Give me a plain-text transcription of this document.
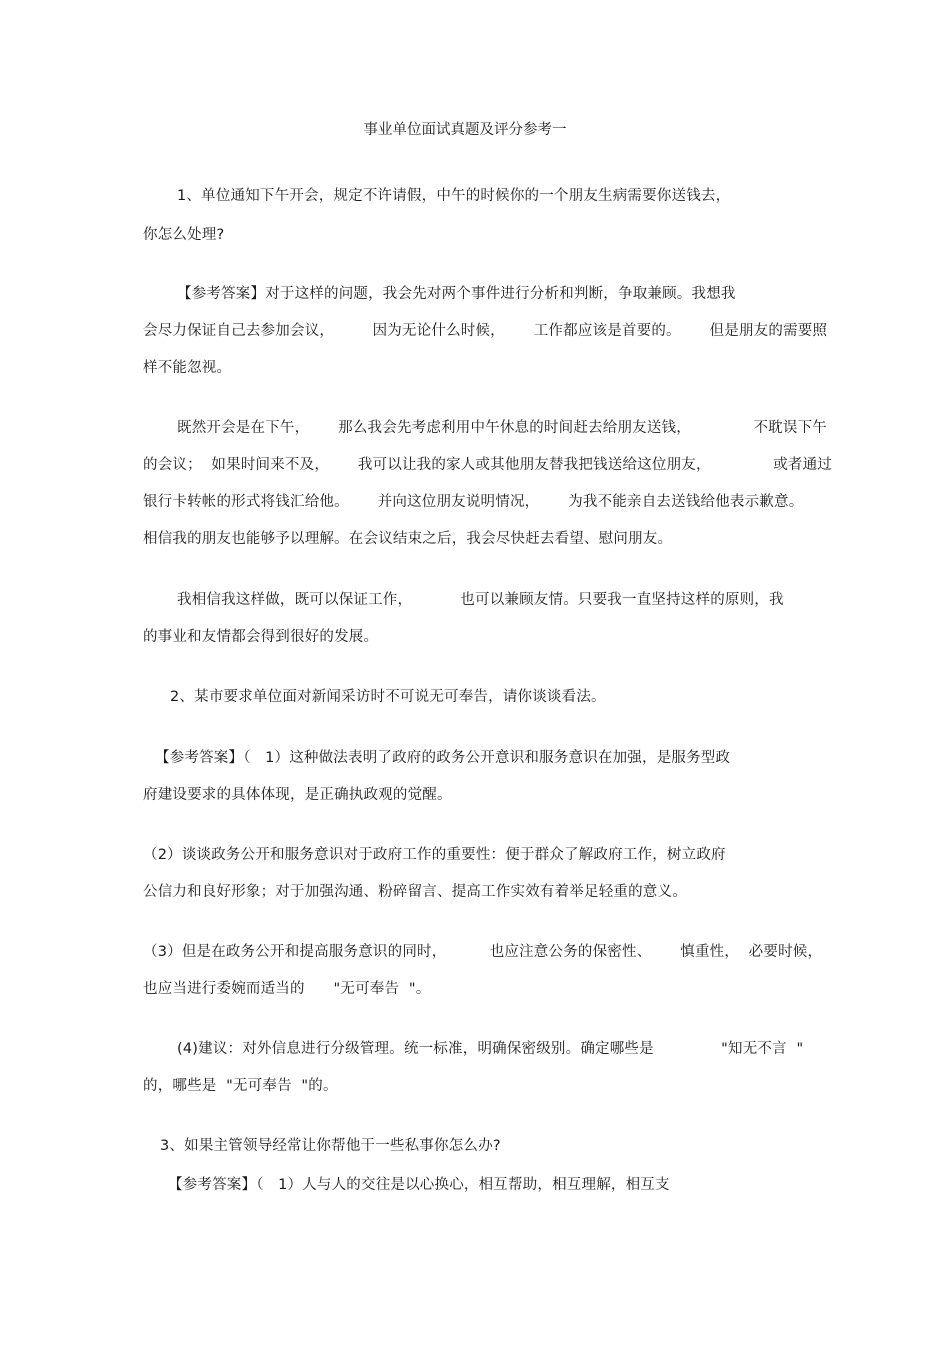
事业单位面试真题及评分参考一
1、单位通知下午开会，规定不许请假，中午的时候你的一个朋友生病需要你送钱去，
你怎么处理?
【参考答案】对于这样的问题，我会先对两个事件进行分析和判断，争取兼顾。我想我
会尽力保证自己去参加会议，        因为无论什么时候，      工作都应该是首要的。      但是朋友的需要照
样不能忽视。
既然开会是在下午，      那么我会先考虑利用中午休息的时间赶去给朋友送钱，             不耽误下午
的会议；  如果时间来不及，      我可以让我的家人或其他朋友替我把钱送给这位朋友，             或者通过
银行卡转帐的形式将钱汇给他。      并向这位朋友说明情况，      为我不能亲自去送钱给他表示歉意。
相信我的朋友也能够予以理解。在会议结束之后，我会尽快赶去看望、慰问朋友。
我相信我这样做，既可以保证工作，          也可以兼顾友情。只要我一直坚持这样的原则，我
的事业和友情都会得到很好的发展。
2、某市要求单位面对新闻采访时不可说无可奉告，请你谈谈看法。
【参考答案】（   1）这种做法表明了政府的政务公开意识和服务意识在加强，是服务型政
府建设要求的具体体现，是正确执政观的觉醒。
（2）谈谈政务公开和服务意识对于政府工作的重要性：便于群众了解政府工作，树立政府
公信力和良好形象；对于加强沟通、粉碎留言、提高工作实效有着举足轻重的意义。
（3）但是在政务公开和提高服务意识的同时，         也应注意公务的保密性、      慎重性，  必要时候，
也应当进行委婉而适当的      "无可奉告  "。
(4)建议：对外信息进行分级管理。统一标准，明确保密级别。确定哪些是              "知无不言  "
的，哪些是  "无可奉告  "的。
3、如果主管领导经常让你帮他干一些私事你怎么办?
【参考答案】（   1）人与人的交往是以心换心，相互帮助，相互理解，相互支
